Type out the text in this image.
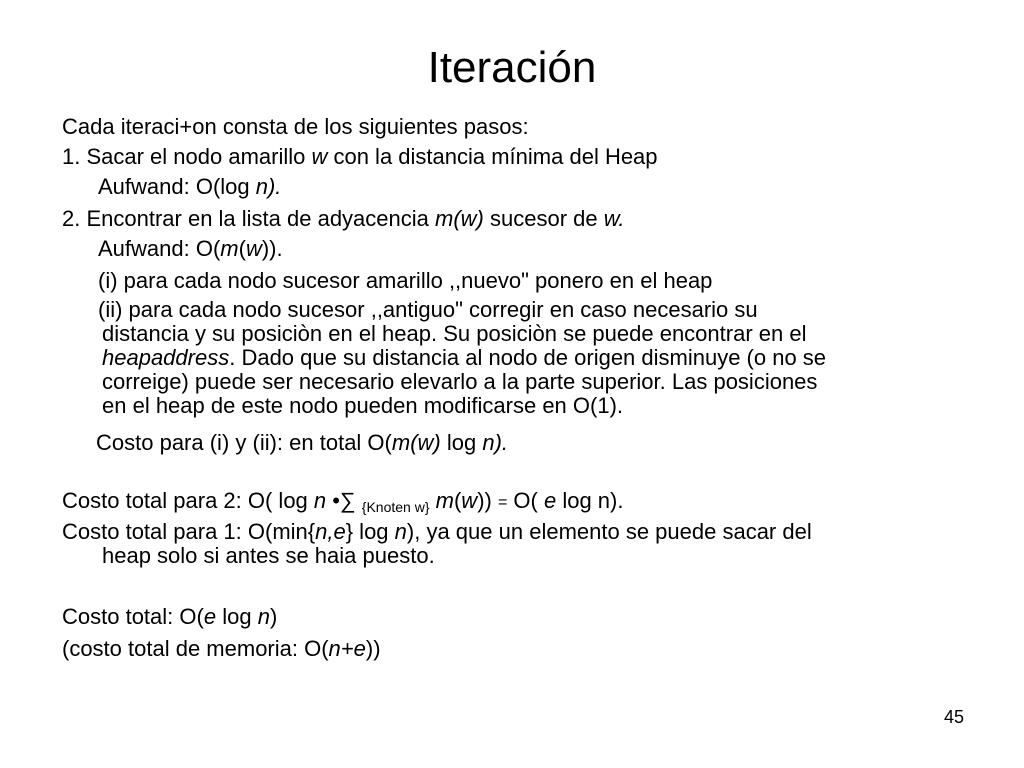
Iteración
Cada iteraci+on consta de los siguientes pasos:
1. Sacar el nodo amarillo w con la distancia mínima del Heap
Aufwand: O(log n).
2. Encontrar en la lista de adyacencia m(w) sucesor de w.
Aufwand: O(m(w)).
(i) para cada nodo sucesor amarillo ,,nuevo" ponero en el heap
(ii) para cada nodo sucesor ,,antiguo" corregir en caso necesario su
distancia y su posiciòn en el heap. Su posiciòn se puede encontrar en el
heapaddress. Dado que su distancia al nodo de origen disminuye (o no se
correige) puede ser necesario elevarlo a la parte superior. Las posiciones
en el heap de este nodo pueden modificarse en O(1).
Costo para (i) y (ii): en total O(m(w) log n).
Costo total para 2: O( log n •∑ $_{\{Knoten w\}}$ m(w)) = O( e log n).
Costo total para 1: O(min{n,e} log n), ya que un elemento se puede sacar del
heap solo si antes se haia puesto.
Costo total: O(e log n)
(costo total de memoria: O(n+e))
45
